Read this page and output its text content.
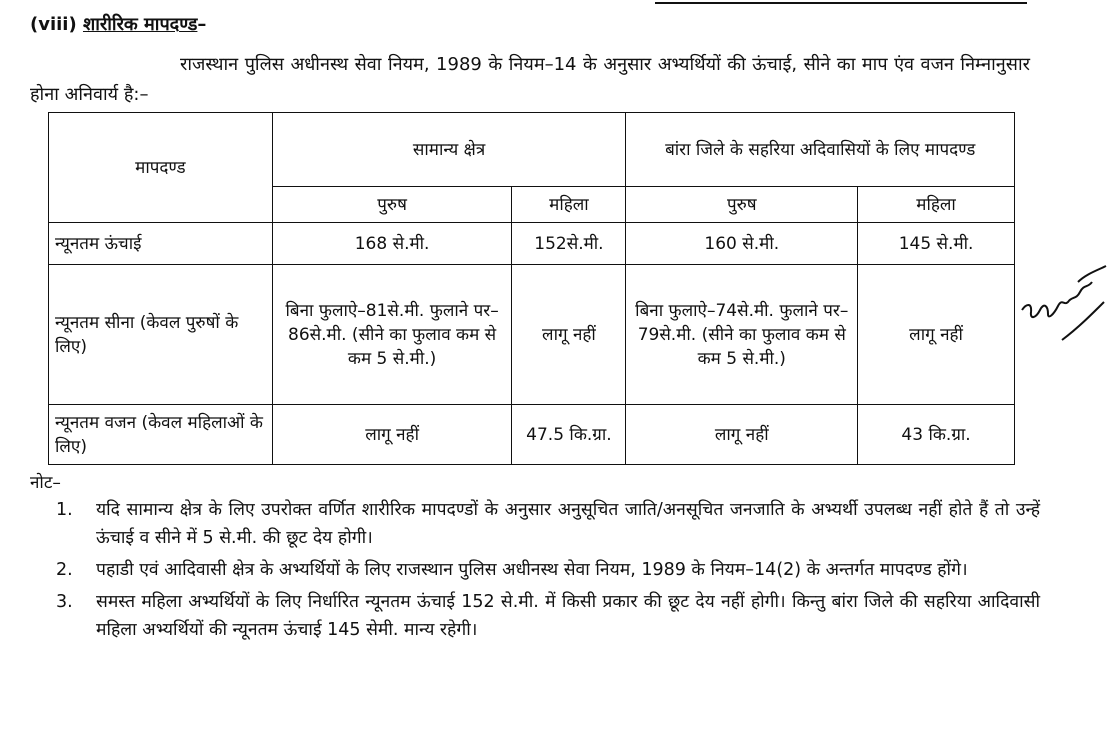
(viii) शारीरिक मापदण्ड–
राजस्थान पुलिस अधीनस्थ सेवा नियम, 1989 के नियम–14 के अनुसार अभ्यर्थियों की ऊंचाई, सीने का माप एंव वजन निम्नानुसार होना अनिवार्य है:–
मापदण्ड	सामान्य क्षेत्र		बांरा जिले के सहरिया अदिवासियों के लिए मापदण्ड	
	पुरुष	महिला	पुरुष	महिला
न्यूनतम ऊंचाई	168 से.मी.	152से.मी.	160 से.मी.	145 से.मी.
न्यूनतम सीना (केवल पुरुषों के लिए)	बिना फुलाऐ–81से.मी. फुलाने पर–86से.मी. (सीने का फुलाव कम से कम 5 से.मी.)	लागू नहीं	बिना फुलाऐ–74से.मी. फुलाने पर–79से.मी. (सीने का फुलाव कम से कम 5 से.मी.)	लागू नहीं
न्यूनतम वजन (केवल महिलाओं के लिए)	लागू नहीं	47.5 कि.ग्रा.	लागू नहीं	43 कि.ग्रा.
नोट–
1. यदि सामान्य क्षेत्र के लिए उपरोक्त वर्णित शारीरिक मापदण्डों के अनुसार अनुसूचित जाति/अनसूचित जनजाति के अभ्यर्थी उपलब्ध नहीं होते हैं तो उन्हें ऊंचाई व सीने में 5 से.मी. की छूट देय होगी।
2. पहाडी एवं आदिवासी क्षेत्र के अभ्यर्थियों के लिए राजस्थान पुलिस अधीनस्थ सेवा नियम, 1989 के नियम–14(2) के अन्तर्गत मापदण्ड होंगे।
3. समस्त महिला अभ्यर्थियों के लिए निर्धारित न्यूनतम ऊंचाई 152 से.मी. में किसी प्रकार की छूट देय नहीं होगी। किन्तु बांरा जिले की सहरिया आदिवासी महिला अभ्यर्थियों की न्यूनतम ऊंचाई 145 सेमी. मान्य रहेगी।
